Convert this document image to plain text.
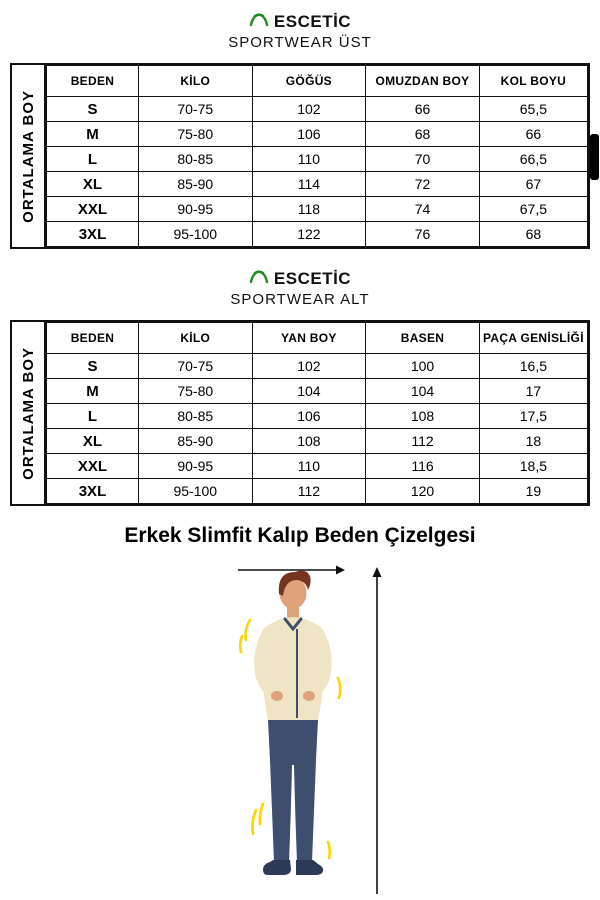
ESCETİC
SPORTWEAR ÜST
ORTALAMA BOY
BEDEN	KİLO	GÖĞÜS	OMUZDAN BOY	KOL BOYU
S	70-75	102	66	65,5
M	75-80	106	68	66
L	80-85	110	70	66,5
XL	85-90	114	72	67
XXL	90-95	118	74	67,5
3XL	95-100	122	76	68
ESCETİC
SPORTWEAR ALT
ORTALAMA BOY
BEDEN	KİLO	YAN BOY	BASEN	PAÇA GENİSLİĞİ
S	70-75	102	100	16,5
M	75-80	104	104	17
L	80-85	106	108	17,5
XL	85-90	108	112	18
XXL	90-95	110	116	18,5
3XL	95-100	112	120	19
Erkek Slimfit Kalıp Beden Çizelgesi
